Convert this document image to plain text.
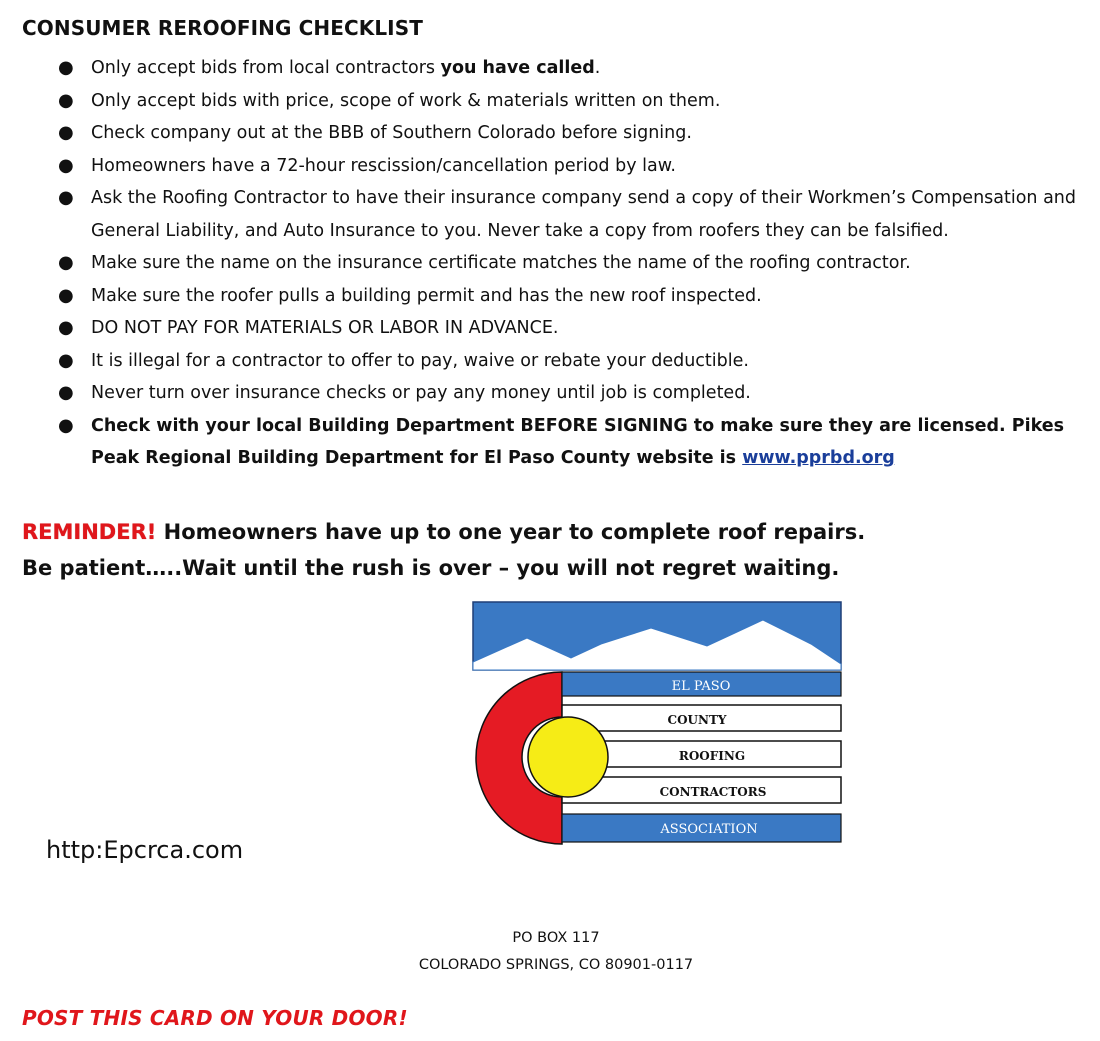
CONSUMER REROOFING CHECKLIST
● Only accept bids from local contractors you have called.
● Only accept bids with price, scope of work & materials written on them.
● Check company out at the BBB of Southern Colorado before signing.
● Homeowners have a 72-hour rescission/cancellation period by law.
● Ask the Roofing Contractor to have their insurance company send a copy of their Workmen’s Compensation and General Liability, and Auto Insurance to you. Never take a copy from roofers they can be falsified.
● Make sure the name on the insurance certificate matches the name of the roofing contractor.
● Make sure the roofer pulls a building permit and has the new roof inspected.
● DO NOT PAY FOR MATERIALS OR LABOR IN ADVANCE.
● It is illegal for a contractor to offer to pay, waive or rebate your deductible.
● Never turn over insurance checks or pay any money until job is completed.
● Check with your local Building Department BEFORE SIGNING to make sure they are licensed. Pikes Peak Regional Building Department for El Paso County website is www.pprbd.org
REMINDER! Homeowners have up to one year to complete roof repairs.
Be patient…..Wait until the rush is over – you will not regret waiting.
EL PASO
COUNTY
ROOFING
CONTRACTORS
ASSOCIATION
http:Epcrca.com
PO BOX 117
COLORADO SPRINGS, CO 80901-0117
POST THIS CARD ON YOUR DOOR!
